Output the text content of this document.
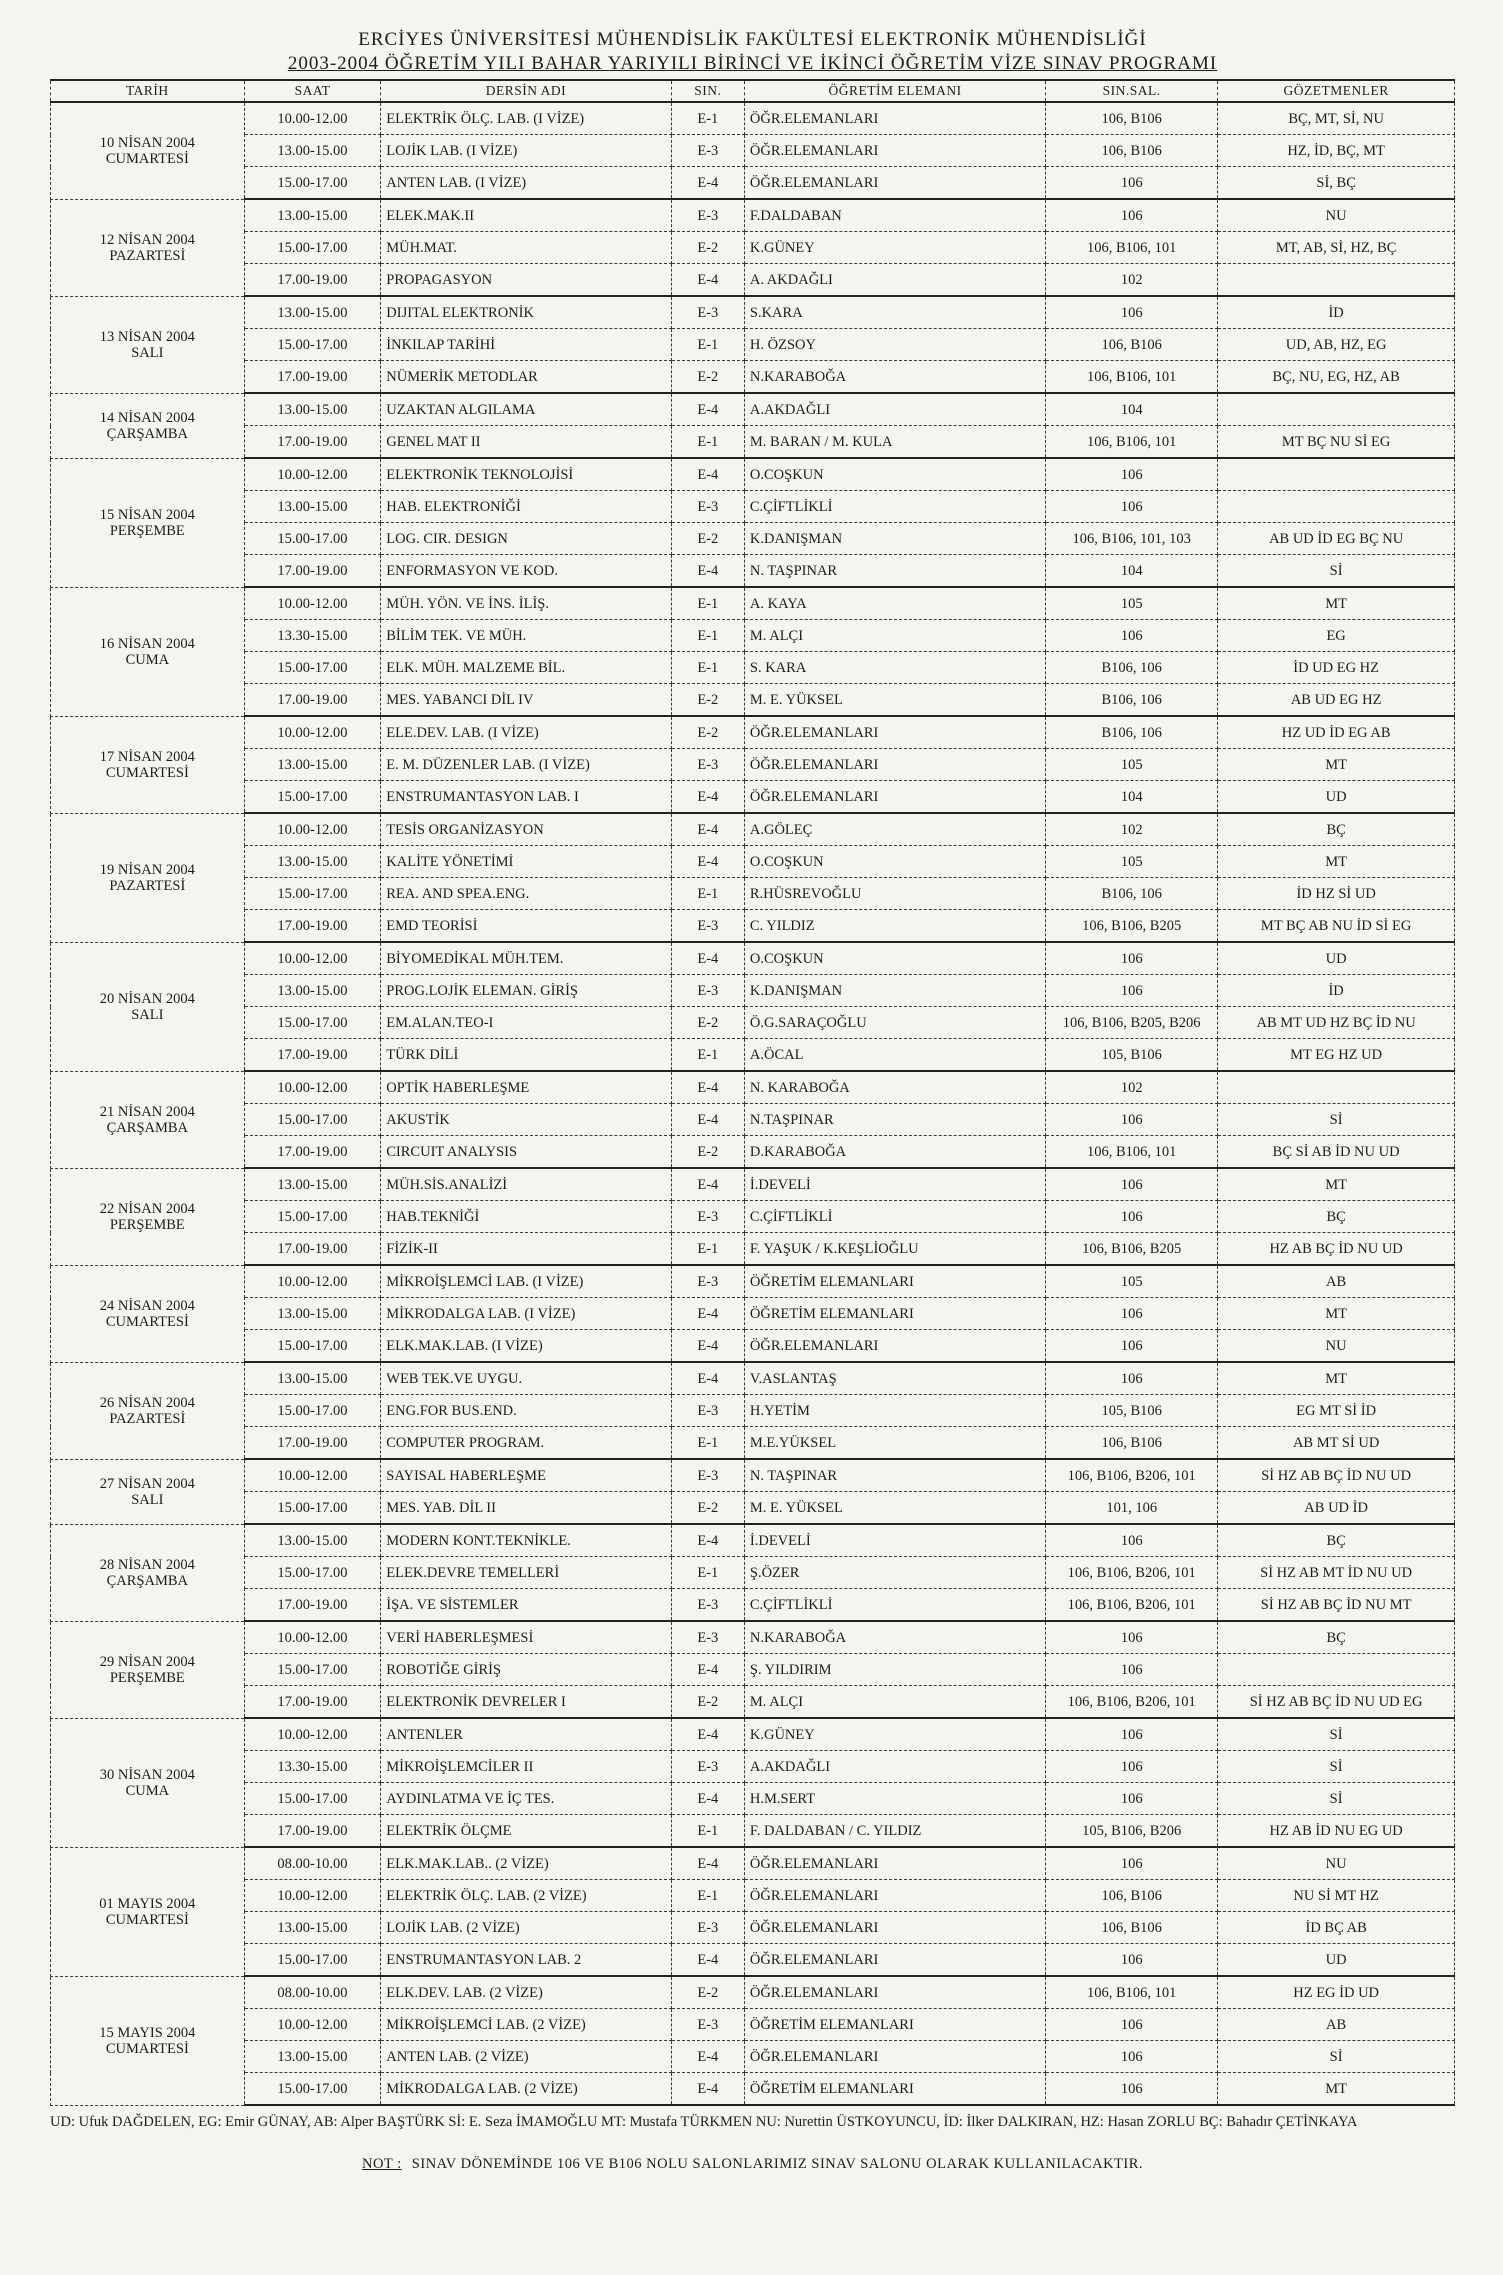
ERCİYES ÜNİVERSİTESİ MÜHENDİSLİK FAKÜLTESİ ELEKTRONİK MÜHENDİSLİĞİ
2003-2004 ÖĞRETİM YILI BAHAR YARIYILI BİRİNCİ VE İKİNCİ ÖĞRETİM VİZE SINAV PROGRAMI
TARİH	SAAT	DERSİN ADI	SIN.	ÖĞRETİM ELEMANI	SIN.SAL.	GÖZETMENLER

10 NİSAN 2004
CUMARTESİ	10.00-12.00	ELEKTRİK ÖLÇ. LAB. (I VİZE)	E-1	ÖĞR.ELEMANLARI	106, B106	BÇ, MT, Sİ, NU
	13.00-15.00	LOJİK LAB. (I VİZE)	E-3	ÖĞR.ELEMANLARI	106, B106	HZ, İD, BÇ, MT
	15.00-17.00	ANTEN LAB. (I VİZE)	E-4	ÖĞR.ELEMANLARI	106	Sİ, BÇ

12 NİSAN 2004
PAZARTESİ	13.00-15.00	ELEK.MAK.II	E-3	F.DALDABAN	106	NU
	15.00-17.00	MÜH.MAT.	E-2	K.GÜNEY	106, B106, 101	MT, AB, Sİ, HZ, BÇ
	17.00-19.00	PROPAGASYON	E-4	A. AKDAĞLI	102	

13 NİSAN 2004
SALI	13.00-15.00	DIJITAL ELEKTRONİK	E-3	S.KARA	106	İD
	15.00-17.00	İNKILAP TARİHİ	E-1	H. ÖZSOY	106, B106	UD, AB, HZ, EG
	17.00-19.00	NÜMERİK METODLAR	E-2	N.KARABOĞA	106, B106, 101	BÇ, NU, EG, HZ, AB

14 NİSAN 2004
ÇARŞAMBA	13.00-15.00	UZAKTAN ALGILAMA	E-4	A.AKDAĞLI	104	
	17.00-19.00	GENEL MAT II	E-1	M. BARAN / M. KULA	106, B106, 101	MT BÇ NU Sİ EG

15 NİSAN 2004
PERŞEMBE	10.00-12.00	ELEKTRONİK TEKNOLOJİSİ	E-4	O.COŞKUN	106	
	13.00-15.00	HAB. ELEKTRONİĞİ	E-3	C.ÇİFTLİKLİ	106	
	15.00-17.00	LOG. CIR. DESIGN	E-2	K.DANIŞMAN	106, B106, 101, 103	AB UD İD EG BÇ NU
	17.00-19.00	ENFORMASYON VE KOD.	E-4	N. TAŞPINAR	104	Sİ

16 NİSAN 2004
CUMA	10.00-12.00	MÜH. YÖN. VE İNS. İLİŞ.	E-1	A. KAYA	105	MT
	13.30-15.00	BİLİM TEK. VE MÜH.	E-1	M. ALÇI	106	EG
	15.00-17.00	ELK. MÜH. MALZEME BİL.	E-1	S. KARA	B106, 106	İD UD EG HZ
	17.00-19.00	MES. YABANCI DİL IV	E-2	M. E. YÜKSEL	B106, 106	AB UD EG HZ

17 NİSAN 2004
CUMARTESİ	10.00-12.00	ELE.DEV. LAB. (I VİZE)	E-2	ÖĞR.ELEMANLARI	B106, 106	HZ UD İD EG AB
	13.00-15.00	E. M. DÜZENLER LAB. (I VİZE)	E-3	ÖĞR.ELEMANLARI	105	MT
	15.00-17.00	ENSTRUMANTASYON LAB. I	E-4	ÖĞR.ELEMANLARI	104	UD

19 NİSAN 2004
PAZARTESİ	10.00-12.00	TESİS ORGANİZASYON	E-4	A.GÖLEÇ	102	BÇ
	13.00-15.00	KALİTE YÖNETİMİ	E-4	O.COŞKUN	105	MT
	15.00-17.00	REA. AND SPEA.ENG.	E-1	R.HÜSREVOĞLU	B106, 106	İD HZ Sİ UD
	17.00-19.00	EMD TEORİSİ	E-3	C. YILDIZ	106, B106, B205	MT BÇ AB NU İD Sİ EG

20 NİSAN 2004
SALI	10.00-12.00	BİYOMEDİKAL MÜH.TEM.	E-4	O.COŞKUN	106	UD
	13.00-15.00	PROG.LOJİK ELEMAN. GİRİŞ	E-3	K.DANIŞMAN	106	İD
	15.00-17.00	EM.ALAN.TEO-I	E-2	Ö.G.SARAÇOĞLU	106, B106, B205, B206	AB MT UD HZ BÇ İD NU
	17.00-19.00	TÜRK DİLİ	E-1	A.ÖCAL	105, B106	MT EG HZ UD

21 NİSAN 2004
ÇARŞAMBA	10.00-12.00	OPTİK HABERLEŞME	E-4	N. KARABOĞA	102	
	15.00-17.00	AKUSTİK	E-4	N.TAŞPINAR	106	Sİ
	17.00-19.00	CIRCUIT ANALYSIS	E-2	D.KARABOĞA	106, B106, 101	BÇ Sİ AB İD NU UD

22 NİSAN 2004
PERŞEMBE	13.00-15.00	MÜH.SİS.ANALİZİ	E-4	İ.DEVELİ	106	MT
	15.00-17.00	HAB.TEKNİĞİ	E-3	C.ÇİFTLİKLİ	106	BÇ
	17.00-19.00	FİZİK-II	E-1	F. YAŞUK / K.KEŞLİOĞLU	106, B106, B205	HZ AB BÇ İD NU UD

24 NİSAN 2004
CUMARTESİ	10.00-12.00	MİKROİŞLEMCİ LAB. (I VİZE)	E-3	ÖĞRETİM ELEMANLARI	105	AB
	13.00-15.00	MİKRODALGA LAB. (I VİZE)	E-4	ÖĞRETİM ELEMANLARI	106	MT
	15.00-17.00	ELK.MAK.LAB. (I VİZE)	E-4	ÖĞR.ELEMANLARI	106	NU

26 NİSAN 2004
PAZARTESİ	13.00-15.00	WEB TEK.VE UYGU.	E-4	V.ASLANTAŞ	106	MT
	15.00-17.00	ENG.FOR BUS.END.	E-3	H.YETİM	105, B106	EG MT Sİ İD
	17.00-19.00	COMPUTER PROGRAM.	E-1	M.E.YÜKSEL	106, B106	AB MT Sİ UD

27 NİSAN 2004
SALI	10.00-12.00	SAYISAL HABERLEŞME	E-3	N. TAŞPINAR	106, B106, B206, 101	Sİ HZ AB BÇ İD NU UD
	15.00-17.00	MES. YAB. DİL II	E-2	M. E. YÜKSEL	101, 106	AB UD İD

28 NİSAN 2004
ÇARŞAMBA	13.00-15.00	MODERN KONT.TEKNİKLE.	E-4	İ.DEVELİ	106	BÇ
	15.00-17.00	ELEK.DEVRE TEMELLERİ	E-1	Ş.ÖZER	106, B106, B206, 101	Sİ HZ AB MT İD NU UD
	17.00-19.00	İŞA. VE SİSTEMLER	E-3	C.ÇİFTLİKLİ	106, B106, B206, 101	Sİ HZ AB BÇ İD NU MT

29 NİSAN 2004
PERŞEMBE	10.00-12.00	VERİ HABERLEŞMESİ	E-3	N.KARABOĞA	106	BÇ
	15.00-17.00	ROBOTİĞE GİRİŞ	E-4	Ş. YILDIRIM	106	
	17.00-19.00	ELEKTRONİK DEVRELER I	E-2	M. ALÇI	106, B106, B206, 101	Sİ HZ AB BÇ İD NU UD EG

30 NİSAN 2004
CUMA	10.00-12.00	ANTENLER	E-4	K.GÜNEY	106	Sİ
	13.30-15.00	MİKROİŞLEMCİLER II	E-3	A.AKDAĞLI	106	Sİ
	15.00-17.00	AYDINLATMA VE İÇ TES.	E-4	H.M.SERT	106	Sİ
	17.00-19.00	ELEKTRİK ÖLÇME	E-1	F. DALDABAN / C. YILDIZ	105, B106, B206	HZ AB İD NU EG UD

01 MAYIS 2004
CUMARTESİ	08.00-10.00	ELK.MAK.LAB.. (2 VİZE)	E-4	ÖĞR.ELEMANLARI	106	NU
	10.00-12.00	ELEKTRİK ÖLÇ. LAB. (2 VİZE)	E-1	ÖĞR.ELEMANLARI	106, B106	NU Sİ MT HZ
	13.00-15.00	LOJİK LAB. (2 VİZE)	E-3	ÖĞR.ELEMANLARI	106, B106	İD BÇ AB
	15.00-17.00	ENSTRUMANTASYON LAB. 2	E-4	ÖĞR.ELEMANLARI	106	UD

15 MAYIS 2004
CUMARTESİ	08.00-10.00	ELK.DEV. LAB. (2 VİZE)	E-2	ÖĞR.ELEMANLARI	106, B106, 101	HZ EG İD UD
	10.00-12.00	MİKROİŞLEMCİ LAB. (2 VİZE)	E-3	ÖĞRETİM ELEMANLARI	106	AB
	13.00-15.00	ANTEN LAB. (2 VİZE)	E-4	ÖĞR.ELEMANLARI	106	Sİ
	15.00-17.00	MİKRODALGA LAB. (2 VİZE)	E-4	ÖĞRETİM ELEMANLARI	106	MT
UD: Ufuk DAĞDELEN, EG: Emir GÜNAY, AB: Alper BAŞTÜRK Sİ: E. Seza İMAMOĞLU MT: Mustafa TÜRKMEN NU: Nurettin ÜSTKOYUNCU, İD: İlker DALKIRAN, HZ: Hasan ZORLU BÇ: Bahadır ÇETİNKAYA
NOT : SINAV DÖNEMİNDE 106 VE B106 NOLU SALONLARIMIZ SINAV SALONU OLARAK KULLANILACAKTIR.
